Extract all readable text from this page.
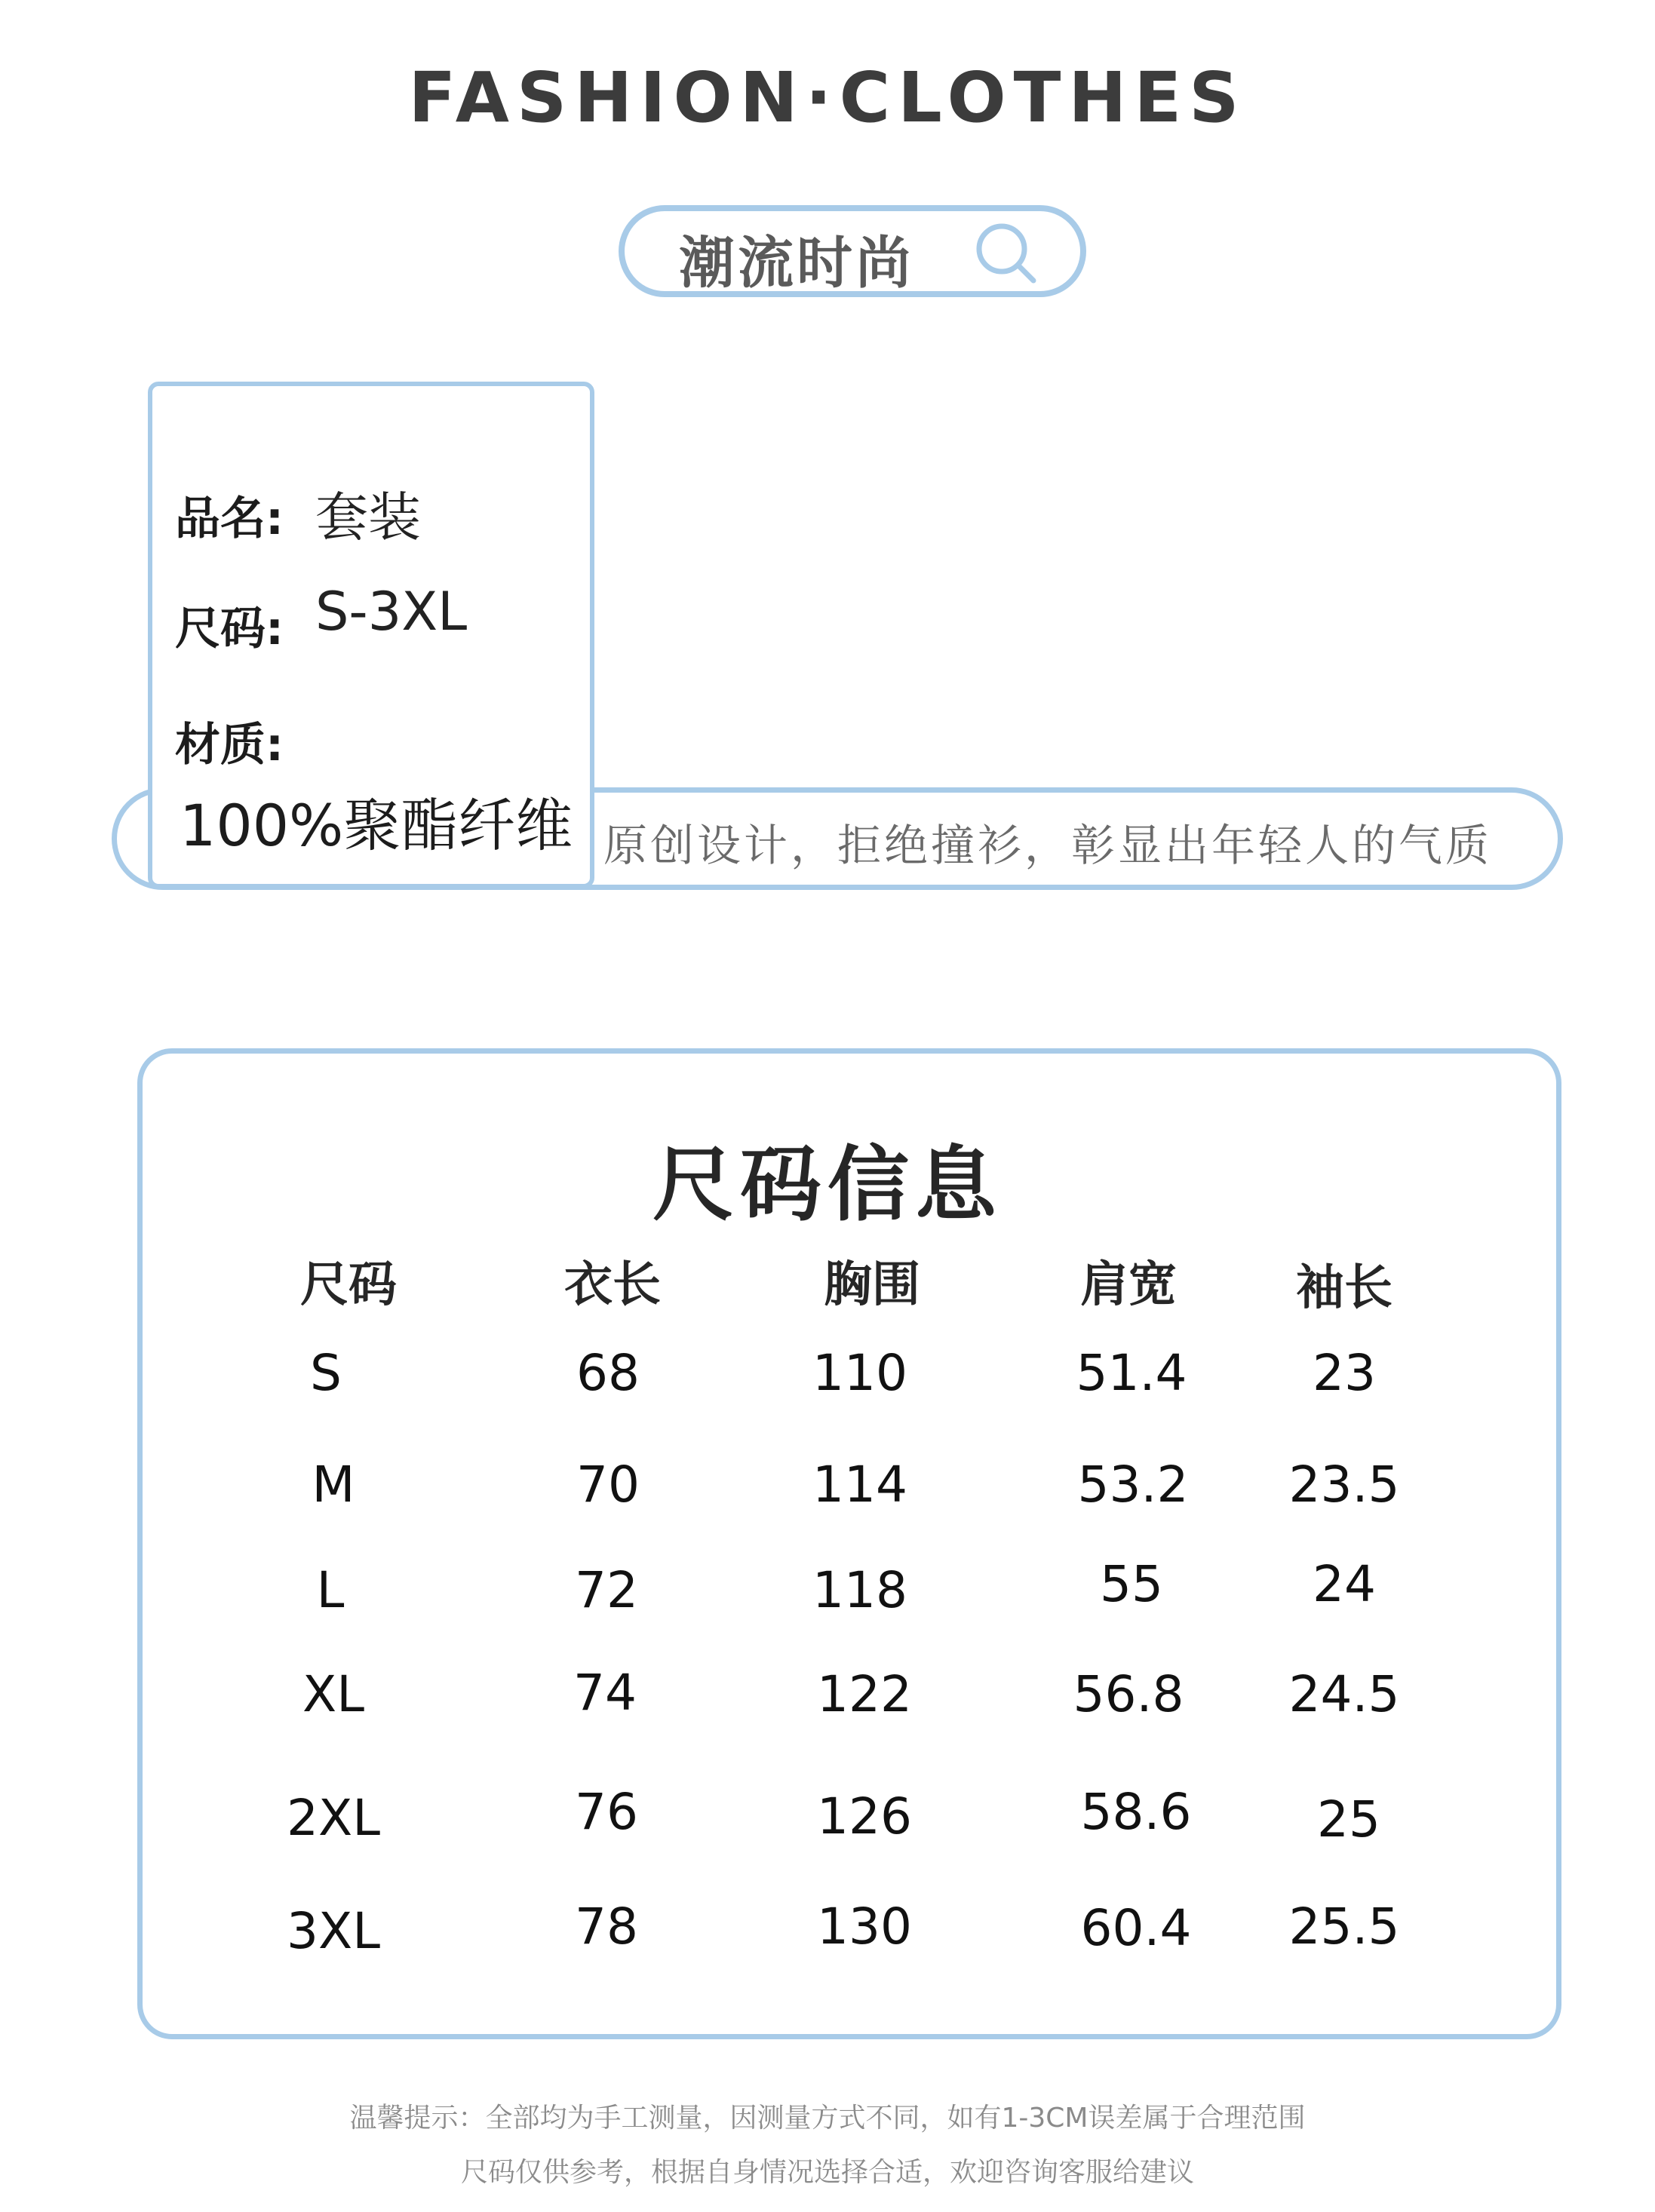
FASHION·CLOTHES
潮流时尚
原创设计，拒绝撞衫，彰显出年轻人的气质
品名: 套装
尺码: S-3XL
材质:
100%聚酯纤维
尺码信息
尺码	衣长	胸围	肩宽	袖长
S	68	110	51.4	23
M	70	114	53.2	23.5
L	72	118	55	24
XL	74	122	56.8	24.5
2XL	76	126	58.6	25
3XL	78	130	60.4	25.5
温馨提示：全部均为手工测量，因测量方式不同，如有1-3CM误差属于合理范围
尺码仅供参考，根据自身情况选择合适，欢迎咨询客服给建议
